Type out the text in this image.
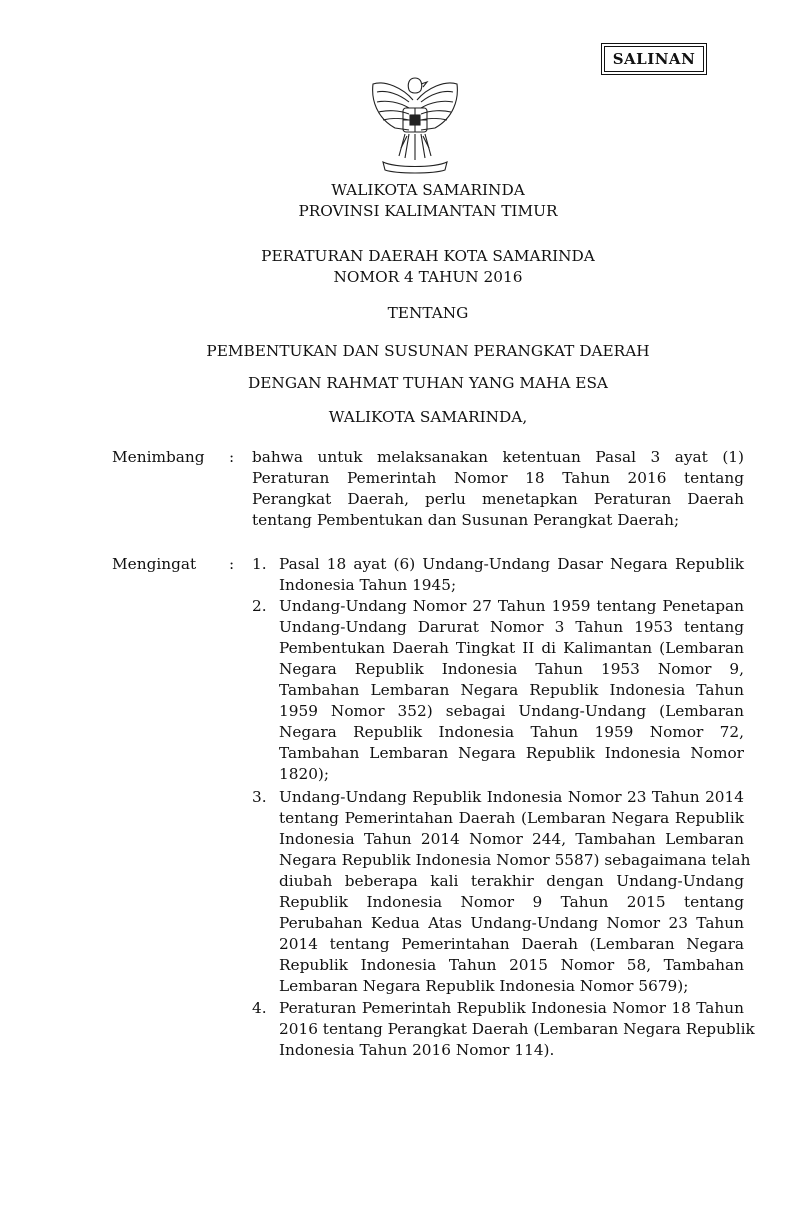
SALINAN
WALIKOTA SAMARINDA
PROVINSI KALIMANTAN TIMUR
PERATURAN DAERAH KOTA SAMARINDA
NOMOR 4 TAHUN 2016
TENTANG
PEMBENTUKAN DAN SUSUNAN PERANGKAT DAERAH
DENGAN RAHMAT TUHAN YANG MAHA ESA
WALIKOTA SAMARINDA,
Menimbang : bahwa untuk melaksanakan ketentuan Pasal 3 ayat (1)
Peraturan Pemerintah Nomor 18 Tahun 2016 tentang
Perangkat Daerah, perlu menetapkan Peraturan Daerah
tentang Pembentukan dan Susunan Perangkat Daerah;
Mengingat : 1. Pasal 18 ayat (6) Undang-Undang Dasar Negara Republik
Indonesia Tahun 1945;
2. Undang-Undang Nomor 27 Tahun 1959 tentang Penetapan
Undang-Undang Darurat Nomor 3 Tahun 1953 tentang
Pembentukan Daerah Tingkat II di Kalimantan (Lembaran
Negara Republik Indonesia Tahun 1953 Nomor 9,
Tambahan Lembaran Negara Republik Indonesia Tahun
1959 Nomor 352) sebagai Undang-Undang (Lembaran
Negara Republik Indonesia Tahun 1959 Nomor 72,
Tambahan Lembaran Negara Republik Indonesia Nomor
1820);
3. Undang-Undang Republik Indonesia Nomor 23 Tahun 2014
tentang Pemerintahan Daerah (Lembaran Negara Republik
Indonesia Tahun 2014 Nomor 244, Tambahan Lembaran
Negara Republik Indonesia Nomor 5587) sebagaimana telah
diubah beberapa kali terakhir dengan Undang-Undang
Republik Indonesia Nomor 9 Tahun 2015 tentang
Perubahan Kedua Atas Undang-Undang Nomor 23 Tahun
2014 tentang Pemerintahan Daerah (Lembaran Negara
Republik Indonesia Tahun 2015 Nomor 58, Tambahan
Lembaran Negara Republik Indonesia Nomor 5679);
4. Peraturan Pemerintah Republik Indonesia Nomor 18 Tahun
2016 tentang Perangkat Daerah (Lembaran Negara Republik
Indonesia Tahun 2016 Nomor 114).
